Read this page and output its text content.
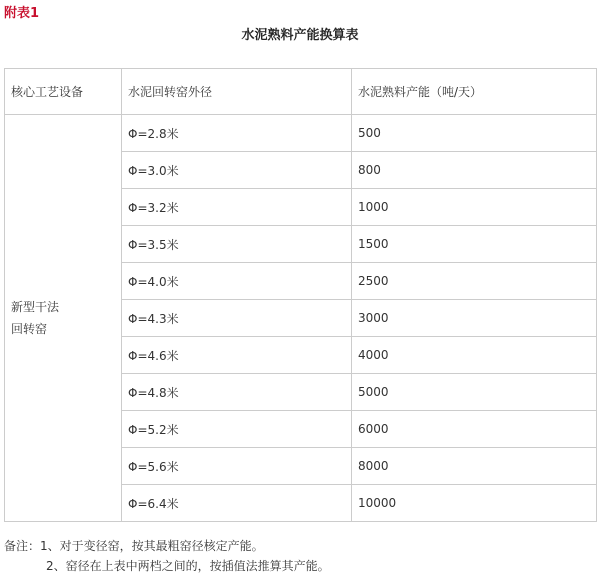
附表1
水泥熟料产能换算表
核心工艺设备	水泥回转窑外径	水泥熟料产能（吨/天）

新型干法
回转窑	Φ=2.8米	500
	Φ=3.0米	800
	Φ=3.2米	1000
	Φ=3.5米	1500
	Φ=4.0米	2500
	Φ=4.3米	3000
	Φ=4.6米	4000
	Φ=4.8米	5000
	Φ=5.2米	6000
	Φ=5.6米	8000
	Φ=6.4米	10000
备注：1、对于变径窑，按其最粗窑径核定产能。
2、窑径在上表中两档之间的，按插值法推算其产能。
